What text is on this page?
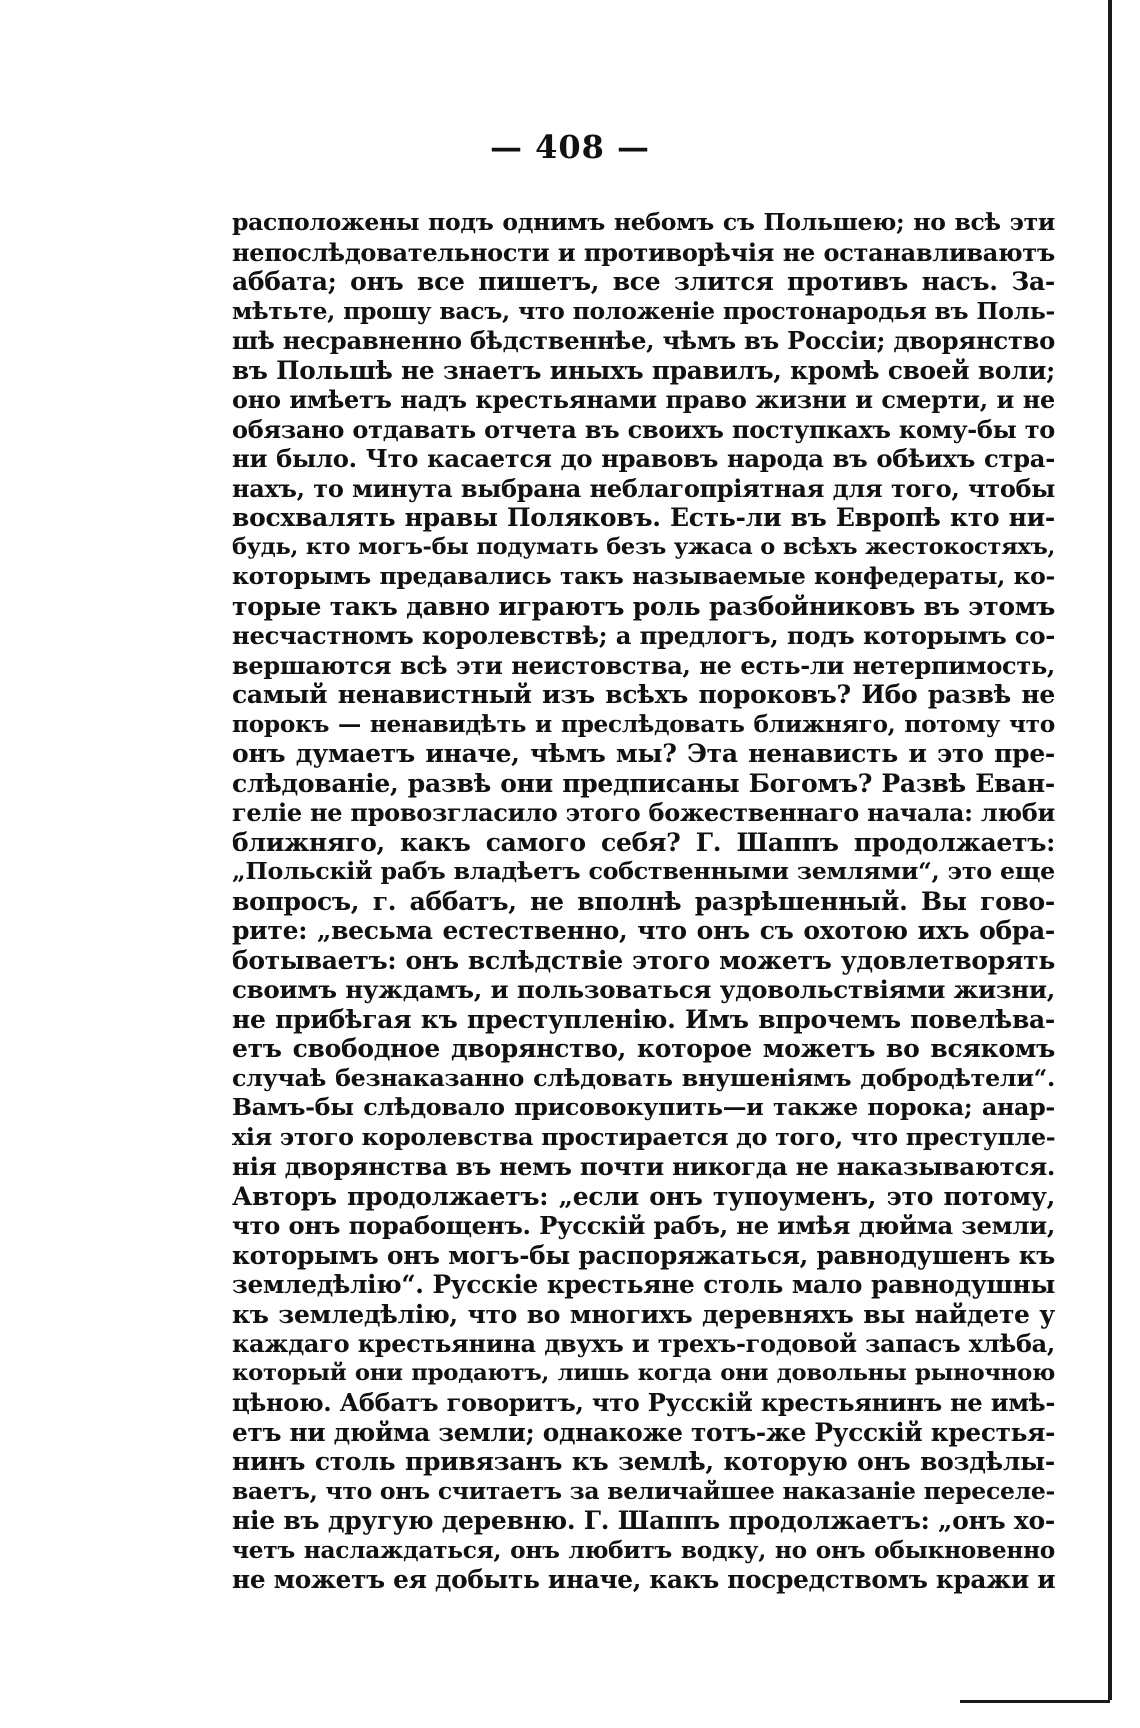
— 408 —
расположены подъ однимъ небомъ съ Польшею; но всѣ эти
непослѣдовательности и противорѣчія не останавливаютъ
аббата; онъ все пишетъ, все злится противъ насъ. За-
мѣтьте, прошу васъ, что положеніе простонародья въ Поль-
шѣ несравненно бѣдственнѣе, чѣмъ въ Россіи; дворянство
въ Польшѣ не знаетъ иныхъ правилъ, кромѣ своей воли;
оно имѣетъ надъ крестьянами право жизни и смерти, и не
обязано отдавать отчета въ своихъ поступкахъ кому-бы то
ни было. Что касается до нравовъ народа въ обѣихъ стра-
нахъ, то минута выбрана неблагопріятная для того, чтобы
восхвалять нравы Поляковъ. Есть-ли въ Европѣ кто ни-
будь, кто могъ-бы подумать безъ ужаса о всѣхъ жестокостяхъ,
которымъ предавались такъ называемые конфедераты, ко-
торые такъ давно играютъ роль разбойниковъ въ этомъ
несчастномъ королевствѣ; а предлогъ, подъ которымъ со-
вершаются всѣ эти неистовства, не есть-ли нетерпимость,
самый ненавистный изъ всѣхъ пороковъ? Ибо развѣ не
порокъ — ненавидѣть и преслѣдовать ближняго, потому что
онъ думаетъ иначе, чѣмъ мы? Эта ненависть и это пре-
слѣдованіе, развѣ они предписаны Богомъ? Развѣ Еван-
геліе не провозгласило этого божественнаго начала: люби
ближняго, какъ самого себя? Г. Шаппъ продолжаетъ:
„Польскій рабъ владѣетъ собственными землями“, это еще
вопросъ, г. аббатъ, не вполнѣ разрѣшенный. Вы гово-
рите: „весьма естественно, что онъ съ охотою ихъ обра-
ботываетъ: онъ вслѣдствіе этого можетъ удовлетворять
своимъ нуждамъ, и пользоваться удовольствіями жизни,
не прибѣгая къ преступленію. Имъ впрочемъ повелѣва-
етъ свободное дворянство, которое можетъ во всякомъ
случаѣ безнаказанно слѣдовать внушеніямъ добродѣтели“.
Вамъ-бы слѣдовало присовокупить—и также порока; анар-
хія этого королевства простирается до того, что преступле-
нія дворянства въ немъ почти никогда не наказываются.
Авторъ продолжаетъ: „если онъ тупоуменъ, это потому,
что онъ порабощенъ. Русскій рабъ, не имѣя дюйма земли,
которымъ онъ могъ-бы распоряжаться, равнодушенъ къ
земледѣлію“. Русскіе крестьяне столь мало равнодушны
къ земледѣлію, что во многихъ деревняхъ вы найдете у
каждаго крестьянина двухъ и трехъ-годовой запасъ хлѣба,
который они продаютъ, лишь когда они довольны рыночною
цѣною. Аббатъ говоритъ, что Русскій крестьянинъ не имѣ-
етъ ни дюйма земли; однакоже тотъ-же Русскій крестья-
нинъ столь привязанъ къ землѣ, которую онъ воздѣлы-
ваетъ, что онъ считаетъ за величайшее наказаніе переселе-
ніе въ другую деревню. Г. Шаппъ продолжаетъ: „онъ хо-
четъ наслаждаться, онъ любитъ водку, но онъ обыкновенно
не можетъ ея добыть иначе, какъ посредствомъ кражи и
